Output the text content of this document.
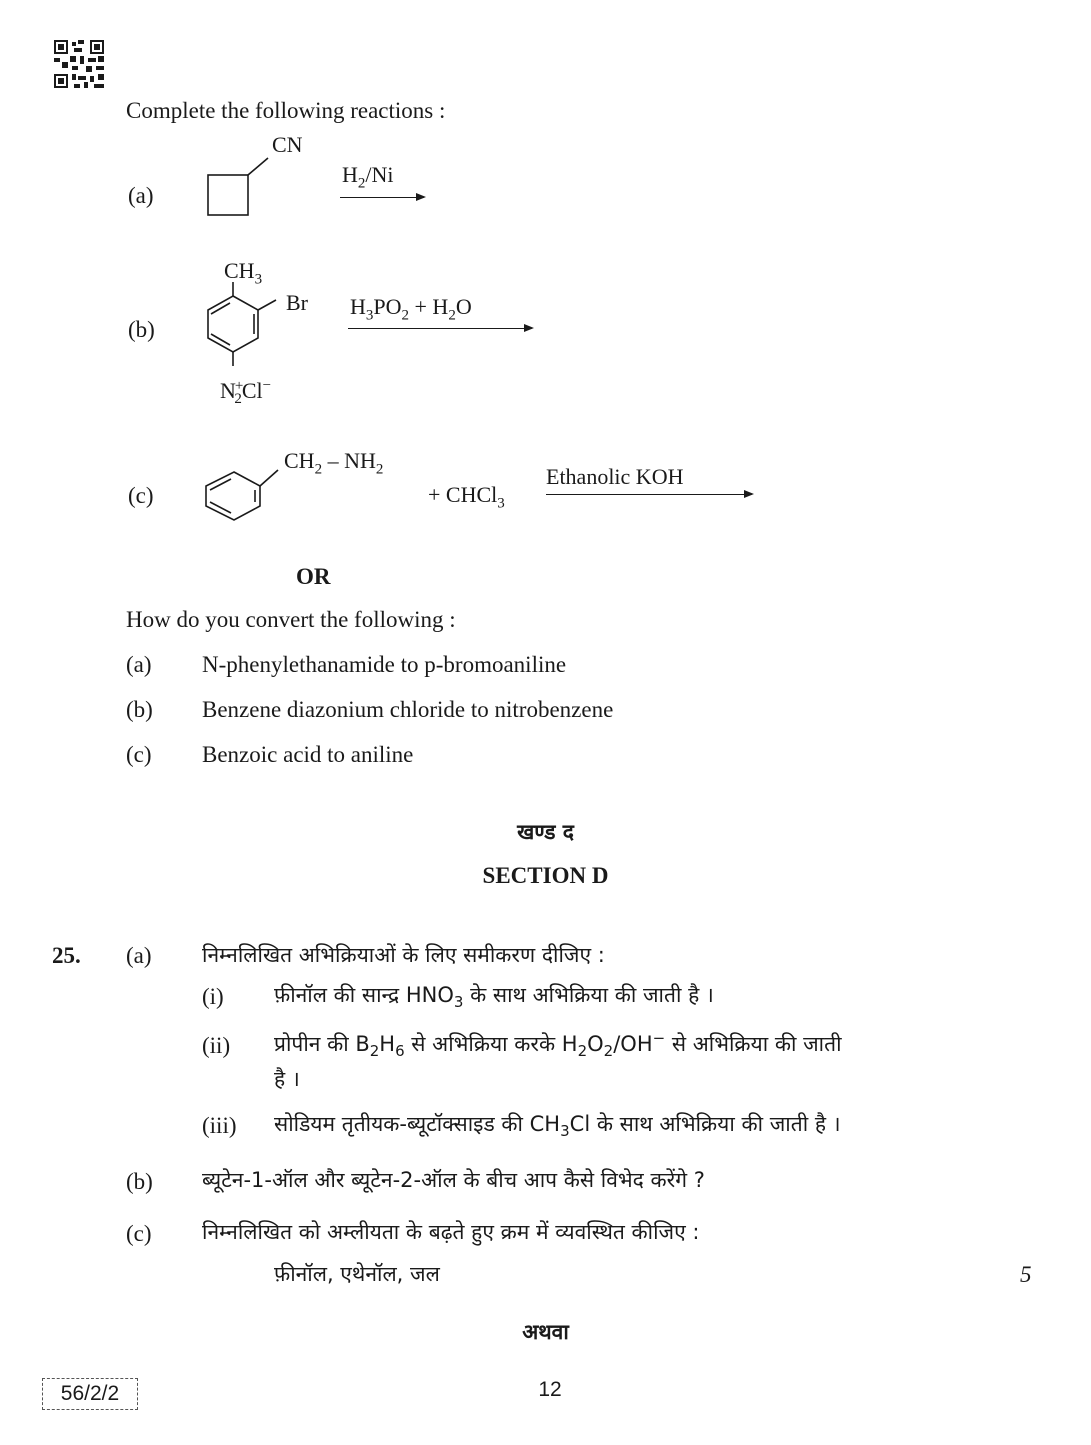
Complete the following reactions :
(a)
CN
$H_2/Ni$
(b)
$CH_3$
Br
$N^+_2Cl^-$
$H_3PO_2 + H_2O$
(c)
$CH_2 - NH_2$
+ CHCl$_3$
Ethanolic KOH
OR
How do you convert the following :
(a) N-phenylethanamide to p-bromoaniline
(b) Benzene diazonium chloride to nitrobenzene
(c) Benzoic acid to aniline
खण्ड द
SECTION D
25. (a) निम्नलिखित अभिक्रियाओं के लिए समीकरण दीजिए :
(i) फ़ीनॉल की सान्द्र $HNO_3$ के साथ अभिक्रिया की जाती है ।
(ii) प्रोपीन की $B_2H_6$ से अभिक्रिया करके $H_2O_2/OH^-$ से अभिक्रिया की जाती
है ।
(iii) सोडियम तृतीयक-ब्यूटॉक्साइड की $CH_3Cl$ के साथ अभिक्रिया की जाती है ।
(b) ब्यूटेन-1-ऑल और ब्यूटेन-2-ऑल के बीच आप कैसे विभेद करेंगे ?
(c) निम्नलिखित को अम्लीयता के बढ़ते हुए क्रम में व्यवस्थित कीजिए :
फ़ीनॉल, एथेनॉल, जल	5
अथवा
56/2/2	12
